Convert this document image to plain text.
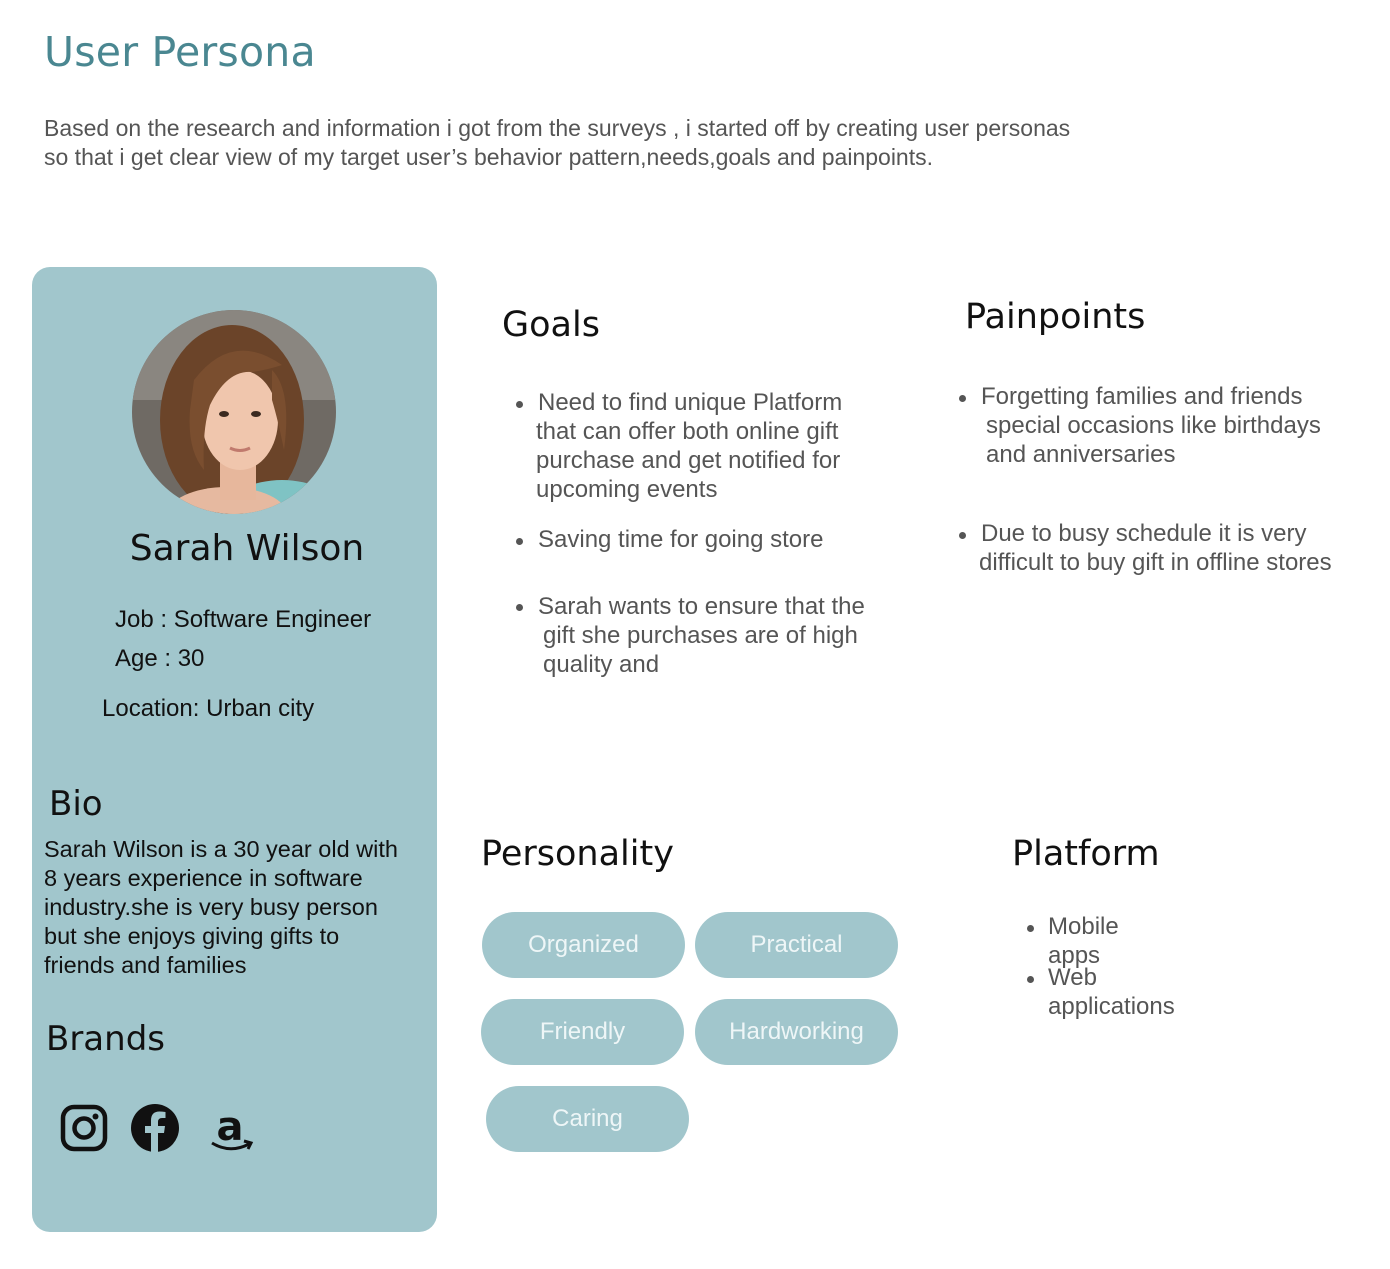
User Persona
Based on the research and information i got from the surveys , i started off by creating user personas
so that i get clear view of my target user’s behavior pattern,needs,goals and painpoints.
Sarah Wilson
Job : Software Engineer
Age : 30
Location: Urban city
Bio
Sarah Wilson is a 30 year old with
8 years experience in software
industry.she is very busy person
but she enjoys giving gifts to
friends and families
Brands
a
Goals
Need to find unique Platform
that can offer both online gift
purchase and get notified for
upcoming events
Saving time for going store
Sarah wants to ensure that the
gift she purchases are of high
quality and
Painpoints
Forgetting families and friends
special occasions like birthdays
and anniversaries
Due to busy schedule it is very
difficult to buy gift in offline stores
Personality
Organized	Practical
Friendly	Hardworking
Caring
Platform
Mobile apps
Web applications
